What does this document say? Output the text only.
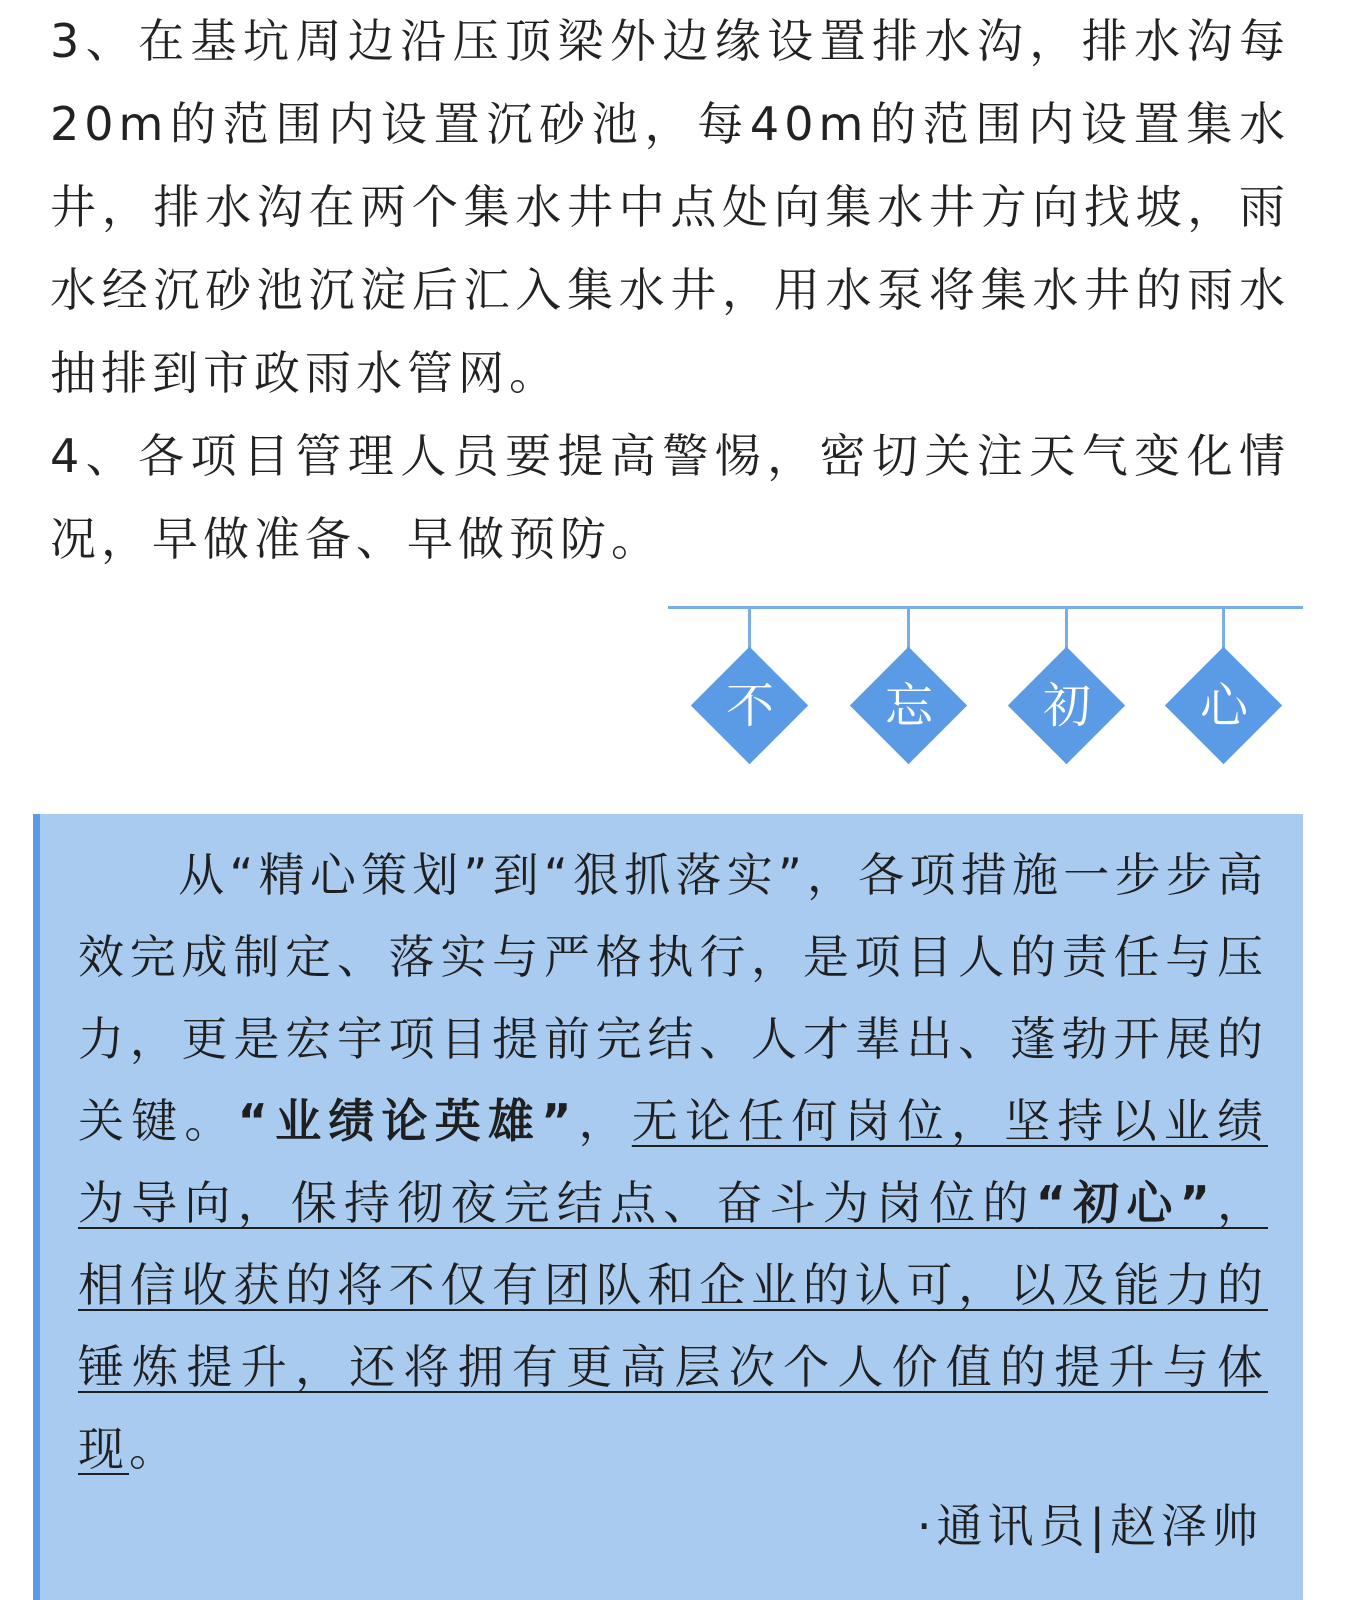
3、在基坑周边沿压顶梁外边缘设置排水沟，排水沟每20m的范围内设置沉砂池，每40m的范围内设置集水井，排水沟在两个集水井中点处向集水井方向找坡，雨水经沉砂池沉淀后汇入集水井，用水泵将集水井的雨水抽排到市政雨水管网。

4、各项目管理人员要提高警惕，密切关注天气变化情况，早做准备、早做预防。

不	忘	初	心
从“精心策划”到“狠抓落实”，各项措施一步步高效完成制定、落实与严格执行，是项目人的责任与压力，更是宏宇项目提前完结、人才辈出、蓬勃开展的关键。“业绩论英雄”，无论任何岗位，坚持以业绩为导向，保持彻夜完结点、奋斗为岗位的“初心”，相信收获的将不仅有团队和企业的认可，以及能力的锤炼提升，还将拥有更高层次个人价值的提升与体现。
·通讯员|赵泽帅
